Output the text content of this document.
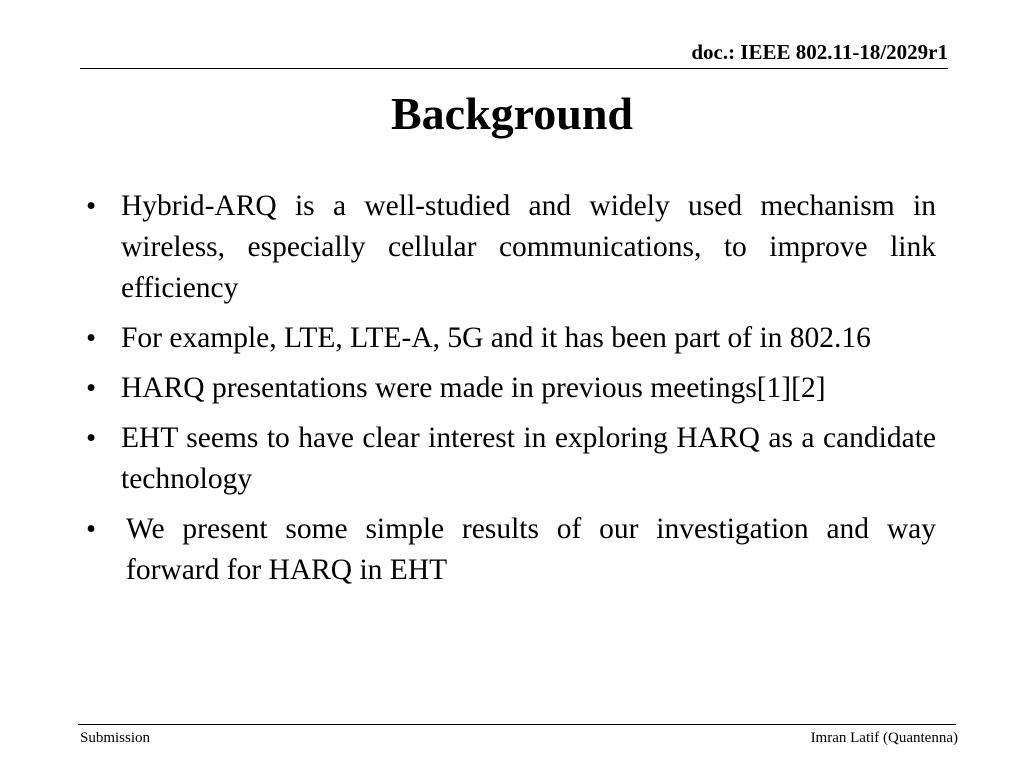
doc.: IEEE 802.11-18/2029r1
Background
• Hybrid-ARQ is a well-studied and widely used mechanism in wireless, especially cellular communications, to improve link efficiency
• For example, LTE, LTE-A, 5G and it has been part of in 802.16
• HARQ presentations were made in previous meetings[1][2]
• EHT seems to have clear interest in exploring HARQ as a candidate technology
• We present some simple results of our investigation and way forward for HARQ in EHT
Submission	Imran Latif (Quantenna)
